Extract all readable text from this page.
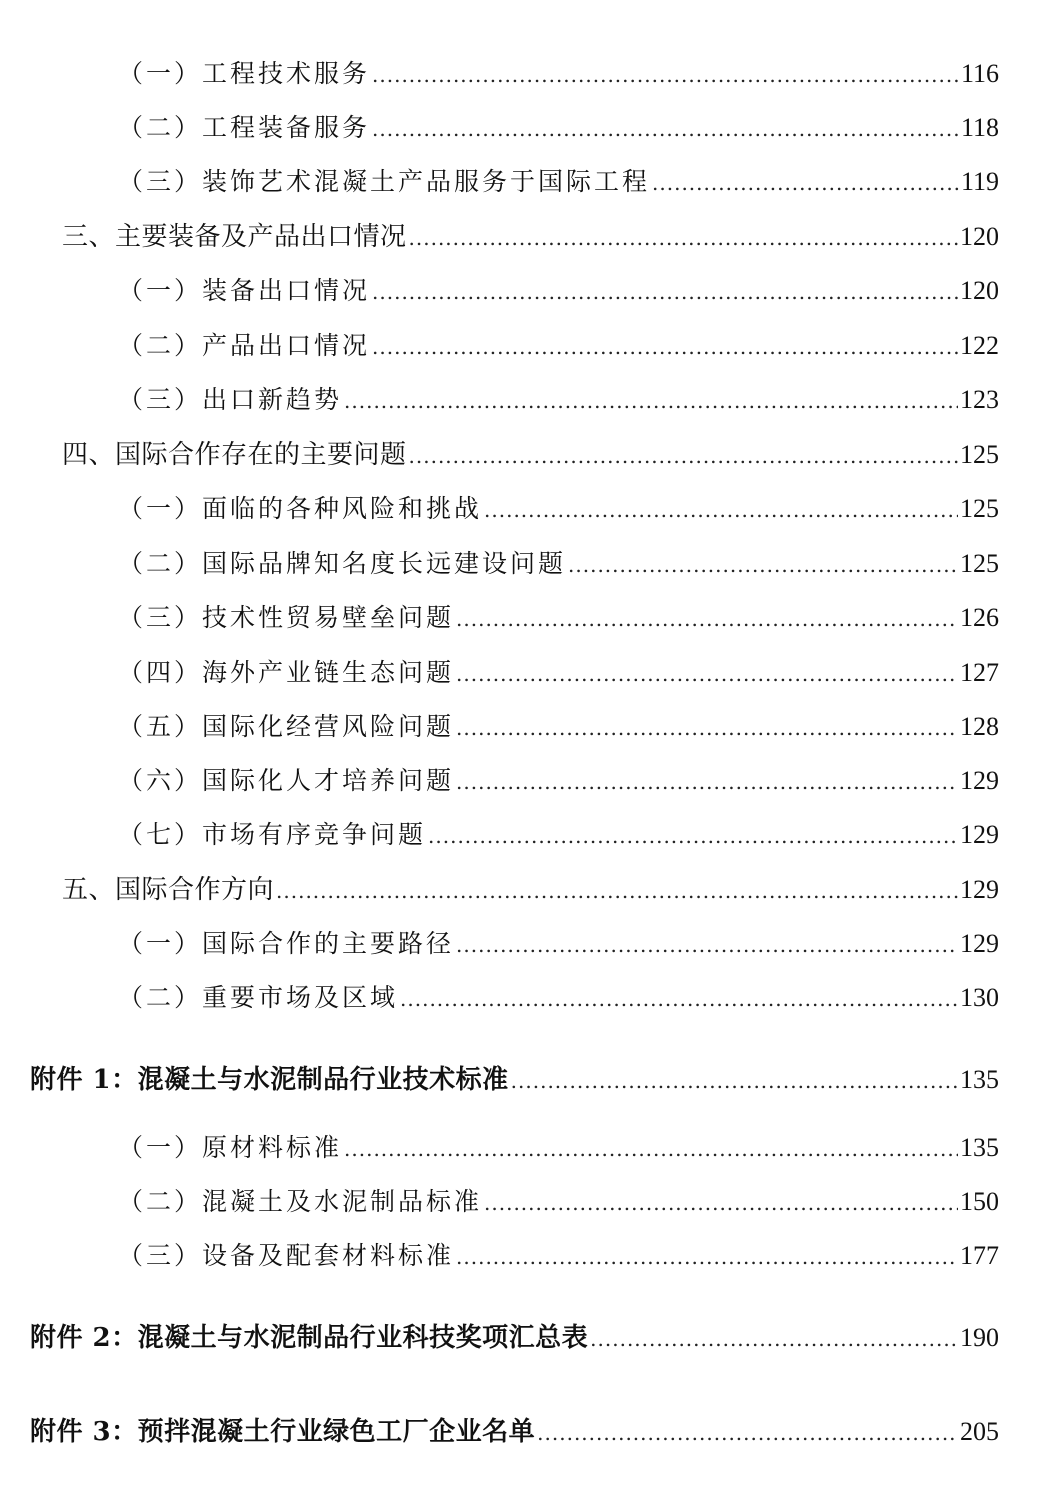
（一）工程技术服务 .....	116
（二）工程装备服务 .....	118
（三）装饰艺术混凝土产品服务于国际工程 .....	119
三、主要装备及产品出口情况 .....	120
（一）装备出口情况 .....	120
（二）产品出口情况 .....	122
（三）出口新趋势 .....	123
四、国际合作存在的主要问题 .....	125
（一）面临的各种风险和挑战 .....	125
（二）国际品牌知名度长远建设问题 .....	125
（三）技术性贸易壁垒问题 .....	126
（四）海外产业链生态问题 .....	127
（五）国际化经营风险问题 .....	128
（六）国际化人才培养问题 .....	129
（七）市场有序竞争问题 .....	129
五、国际合作方向 .....	129
（一）国际合作的主要路径 .....	129
（二）重要市场及区域 .....	130
附件 1：混凝土与水泥制品行业技术标准 .....	135
（一）原材料标准 .....	135
（二）混凝土及水泥制品标准 .....	150
（三）设备及配套材料标准 .....	177
附件 2：混凝土与水泥制品行业科技奖项汇总表 .....	190
附件 3：预拌混凝土行业绿色工厂企业名单 .....	205
